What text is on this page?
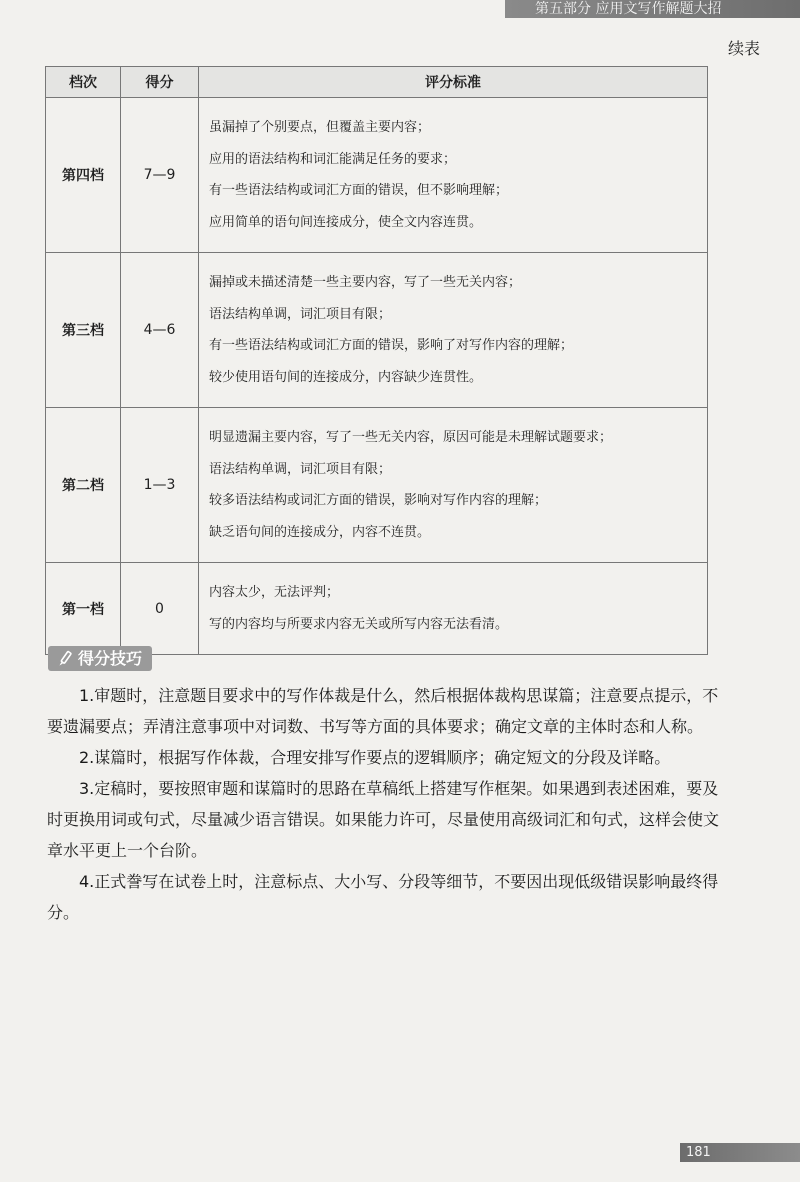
第五部分 应用文写作解题大招
续表
档次	得分	评分标准
第四档	7—9	虽漏掉了个别要点，但覆盖主要内容；
应用的语法结构和词汇能满足任务的要求；
有一些语法结构或词汇方面的错误，但不影响理解；
应用简单的语句间连接成分，使全文内容连贯。

第三档	4—6	漏掉或未描述清楚一些主要内容，写了一些无关内容；
语法结构单调，词汇项目有限；
有一些语法结构或词汇方面的错误，影响了对写作内容的理解；
较少使用语句间的连接成分，内容缺少连贯性。

第二档	1—3	明显遗漏主要内容，写了一些无关内容，原因可能是未理解试题要求；
语法结构单调，词汇项目有限；
较多语法结构或词汇方面的错误，影响对写作内容的理解；
缺乏语句间的连接成分，内容不连贯。

第一档	0	内容太少，无法评判；
写的内容均与所要求内容无关或所写内容无法看清。
得分技巧

1.审题时，注意题目要求中的写作体裁是什么，然后根据体裁构思谋篇；注意要点提示，不要遗漏要点；弄清注意事项中对词数、书写等方面的具体要求；确定文章的主体时态和人称。

2.谋篇时，根据写作体裁，合理安排写作要点的逻辑顺序；确定短文的分段及详略。

3.定稿时，要按照审题和谋篇时的思路在草稿纸上搭建写作框架。如果遇到表述困难，要及时更换用词或句式，尽量减少语言错误。如果能力许可，尽量使用高级词汇和句式，这样会使文章水平更上一个台阶。

4.正式誊写在试卷上时，注意标点、大小写、分段等细节，不要因出现低级错误影响最终得分。

181
